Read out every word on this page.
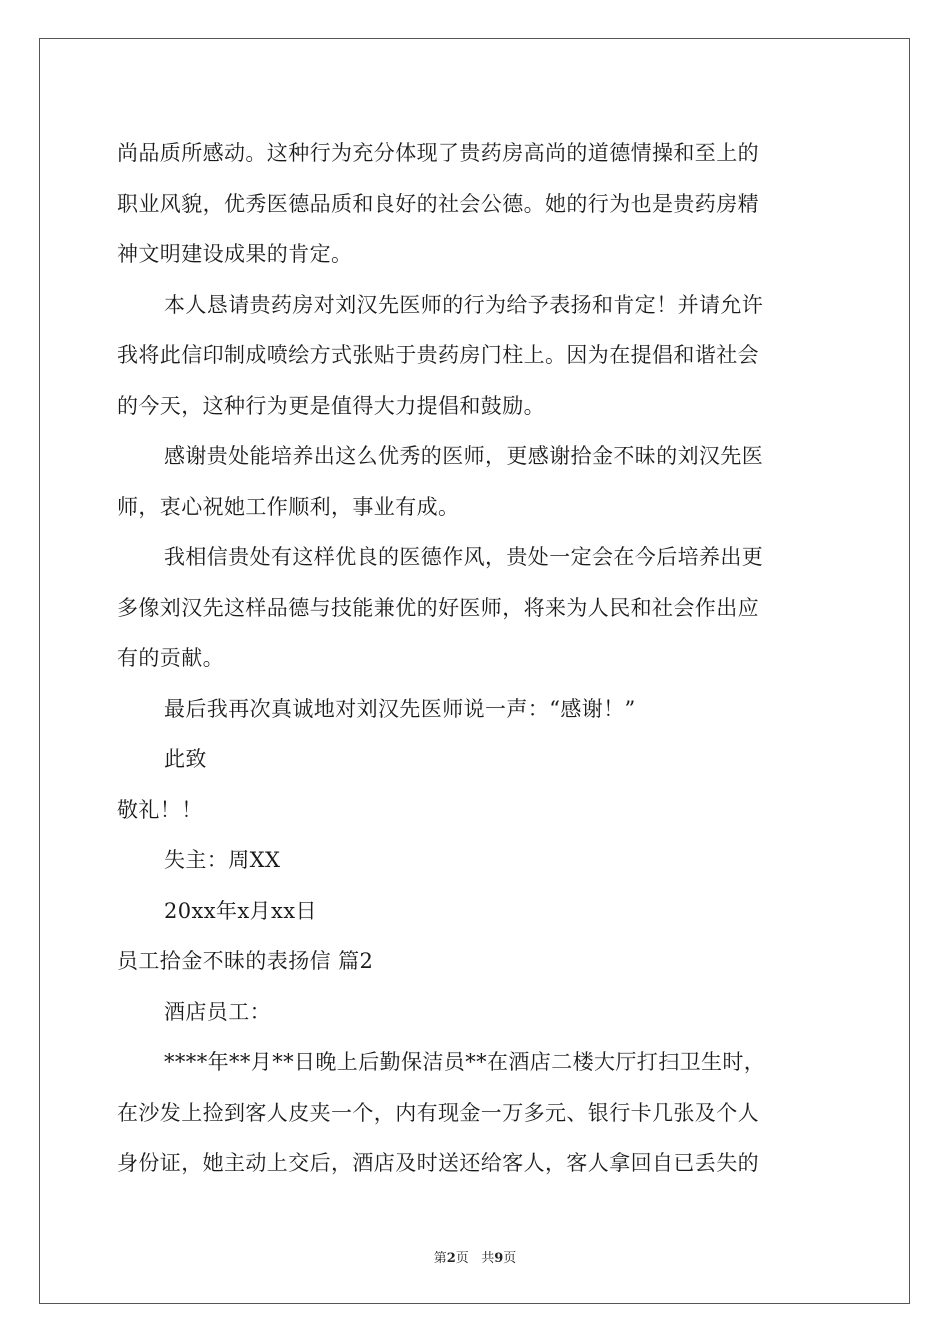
尚品质所感动。这种行为充分体现了贵药房高尚的道德情操和至上的
职业风貌，优秀医德品质和良好的社会公德。她的行为也是贵药房精
神文明建设成果的肯定。
本人恳请贵药房对刘汉先医师的行为给予表扬和肯定！并请允许
我将此信印制成喷绘方式张贴于贵药房门柱上。因为在提倡和谐社会
的今天，这种行为更是值得大力提倡和鼓励。
感谢贵处能培养出这么优秀的医师，更感谢拾金不昧的刘汉先医
师，衷心祝她工作顺利，事业有成。
我相信贵处有这样优良的医德作风，贵处一定会在今后培养出更
多像刘汉先这样品德与技能兼优的好医师，将来为人民和社会作出应
有的贡献。
最后我再次真诚地对刘汉先医师说一声：“感谢！”
此致
敬礼！！
失主：周XX
20xx年x月xx日
员工拾金不昧的表扬信 篇2
酒店员工：
****年**月**日晚上后勤保洁员**在酒店二楼大厅打扫卫生时，
在沙发上捡到客人皮夹一个，内有现金一万多元、银行卡几张及个人
身份证，她主动上交后，酒店及时送还给客人，客人拿回自已丢失的
第2页 共9页
